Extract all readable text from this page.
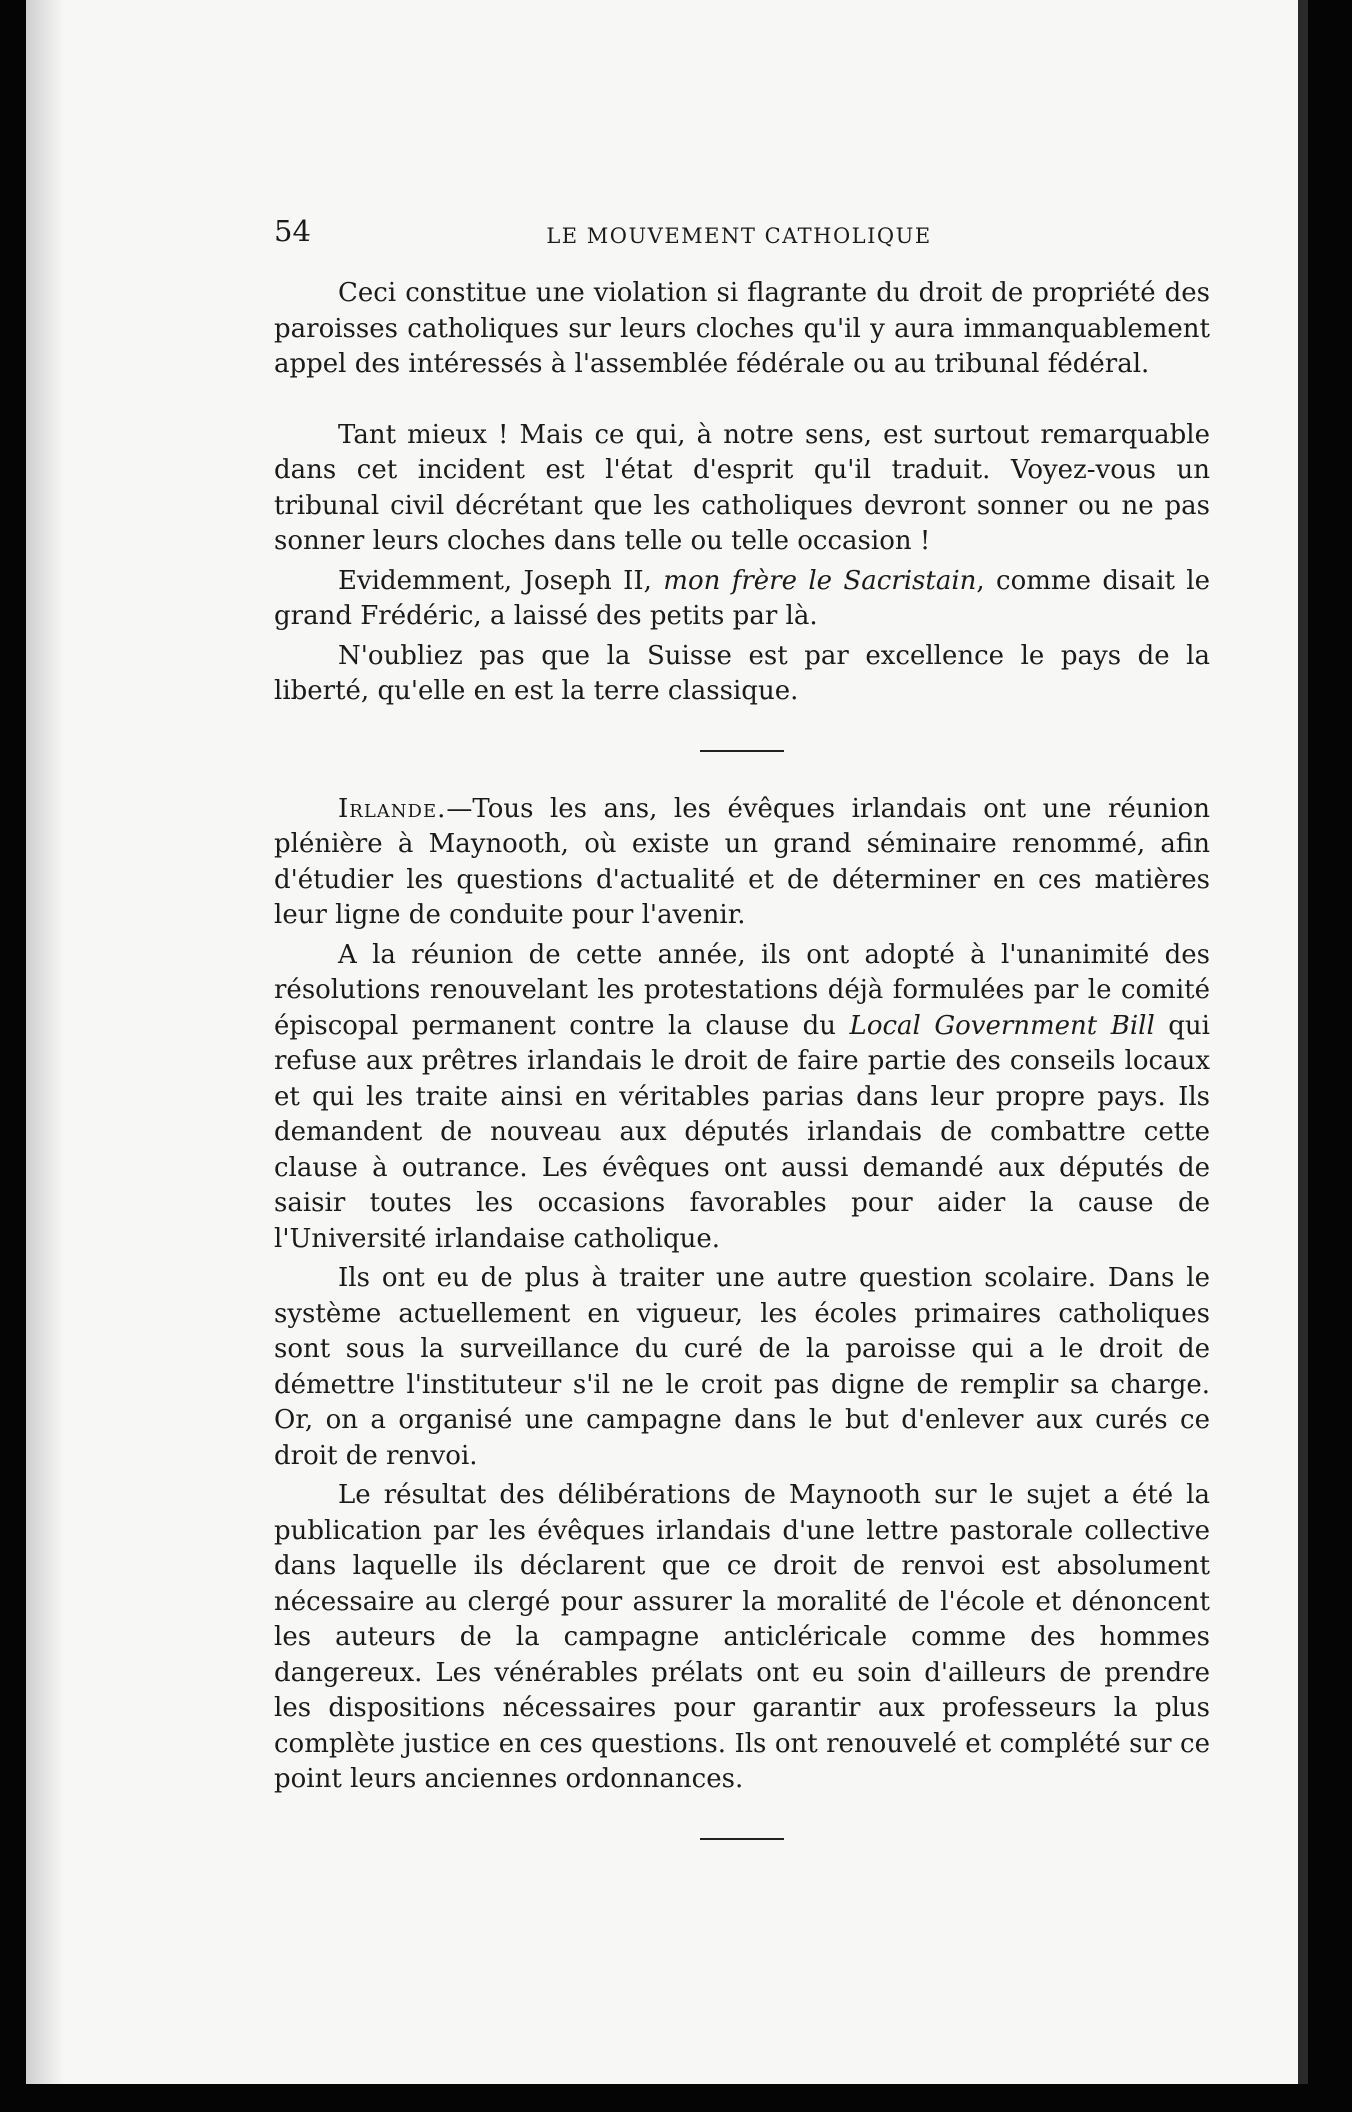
54	LE MOUVEMENT CATHOLIQUE

Ceci constitue une violation si flagrante du droit de propriété des paroisses catholiques sur leurs cloches qu'il y aura immanquablement appel des intéressés à l'assemblée fédérale ou au tribunal fédéral.

Tant mieux ! Mais ce qui, à notre sens, est surtout remarquable dans cet incident est l'état d'esprit qu'il traduit. Voyez-vous un tribunal civil décrétant que les catholiques devront sonner ou ne pas sonner leurs cloches dans telle ou telle occasion !

Evidemment, Joseph II, mon frère le Sacristain, comme disait le grand Frédéric, a laissé des petits par là.

N'oubliez pas que la Suisse est par excellence le pays de la liberté, qu'elle en est la terre classique.

Irlande.—Tous les ans, les évêques irlandais ont une réunion plénière à Maynooth, où existe un grand séminaire renommé, afin d'étudier les questions d'actualité et de déterminer en ces matières leur ligne de conduite pour l'avenir.

A la réunion de cette année, ils ont adopté à l'unanimité des résolutions renouvelant les protestations déjà formulées par le comité épiscopal permanent contre la clause du Local Government Bill qui refuse aux prêtres irlandais le droit de faire partie des conseils locaux et qui les traite ainsi en véritables parias dans leur propre pays. Ils demandent de nouveau aux députés irlandais de combattre cette clause à outrance. Les évêques ont aussi demandé aux députés de saisir toutes les occasions favorables pour aider la cause de l'Université irlandaise catholique.

Ils ont eu de plus à traiter une autre question scolaire. Dans le système actuellement en vigueur, les écoles primaires catholiques sont sous la surveillance du curé de la paroisse qui a le droit de démettre l'instituteur s'il ne le croit pas digne de remplir sa charge. Or, on a organisé une campagne dans le but d'enlever aux curés ce droit de renvoi.

Le résultat des délibérations de Maynooth sur le sujet a été la publication par les évêques irlandais d'une lettre pastorale collective dans laquelle ils déclarent que ce droit de renvoi est absolument nécessaire au clergé pour assurer la moralité de l'école et dénoncent les auteurs de la campagne anticléricale comme des hommes dangereux. Les vénérables prélats ont eu soin d'ailleurs de prendre les dispositions nécessaires pour garantir aux professeurs la plus complète justice en ces questions. Ils ont renouvelé et complété sur ce point leurs anciennes ordonnances.
